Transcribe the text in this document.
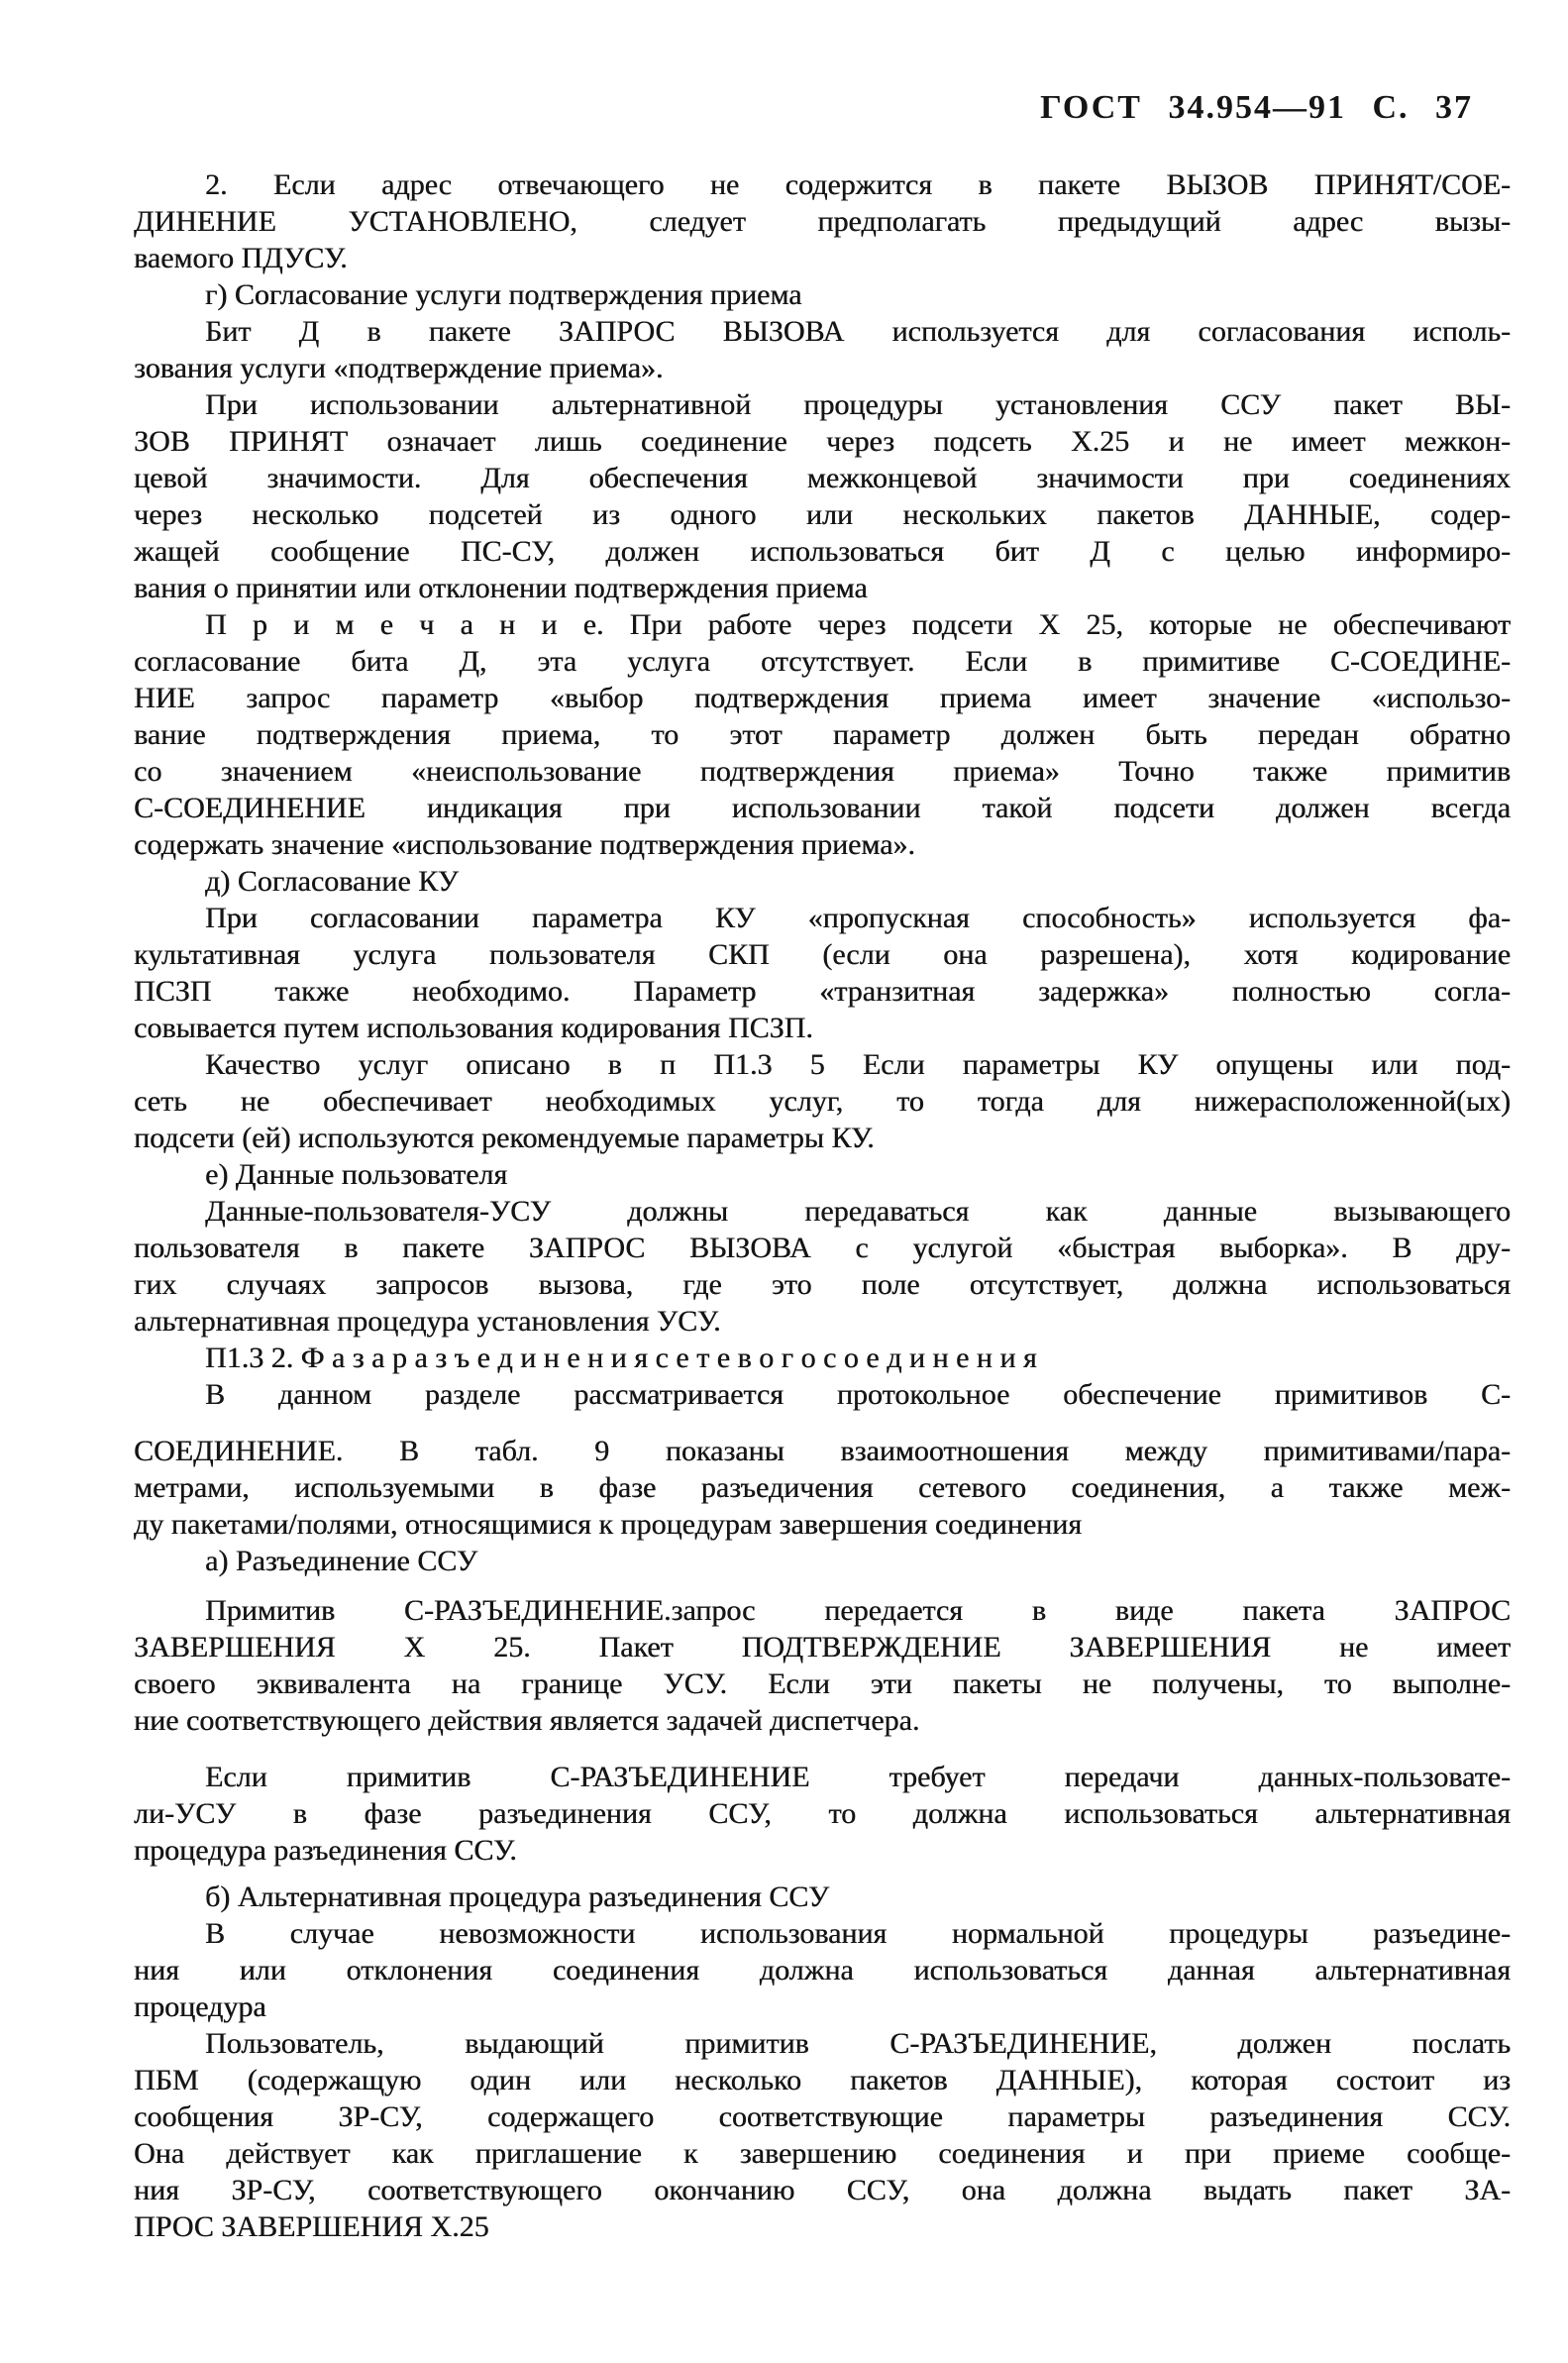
ГОСТ 34.954—91 С. 37
2. Если адрес отвечающего не содержится в пакете ВЫЗОВ ПРИНЯТ/СОЕ-
ДИНЕНИЕ УСТАНОВЛЕНО, следует предполагать предыдущий адрес вызы-
ваемого ПДУСУ.
г) Согласование услуги подтверждения приема
Бит Д в пакете ЗАПРОС ВЫЗОВА используется для согласования исполь-
зования услуги «подтверждение приема».
При использовании альтернативной процедуры установления ССУ пакет ВЫ-
ЗОВ ПРИНЯТ означает лишь соединение через подсеть Х.25 и не имеет межкон-
цевой значимости. Для обеспечения межконцевой значимости при соединениях
через несколько подсетей из одного или нескольких пакетов ДАННЫЕ, содер-
жащей сообщение ПС-СУ, должен использоваться бит Д с целью информиро-
вания о принятии или отклонении подтверждения приема
П р и м е ч а н и е. При работе через подсети Х 25, которые не обеспечивают
согласование бита Д, эта услуга отсутствует. Если в примитиве С-СОЕДИНЕ-
НИЕ запрос параметр «выбор подтверждения приема имеет значение «использо-
вание подтверждения приема, то этот параметр должен быть передан обратно
со значением «неиспользование подтверждения приема» Точно также примитив
С-СОЕДИНЕНИЕ индикация при использовании такой подсети должен всегда
содержать значение «использование подтверждения приема».
д) Согласование КУ
При согласовании параметра КУ «пропускная способность» используется фа-
культативная услуга пользователя СКП (если она разрешена), хотя кодирование
ПСЗП также необходимо. Параметр «транзитная задержка» полностью согла-
совывается путем использования кодирования ПСЗП.
Качество услуг описано в п П1.3 5 Если параметры КУ опущены или под-
сеть не обеспечивает необходимых услуг, то тогда для нижерасположенной(ых)
подсети (ей) используются рекомендуемые параметры КУ.
е) Данные пользователя
Данные-пользователя-УСУ должны передаваться как данные вызывающего
пользователя в пакете ЗАПРОС ВЫЗОВА с услугой «быстрая выборка». В дру-
гих случаях запросов вызова, где это поле отсутствует, должна использоваться
альтернативная процедура установления УСУ.
П1.3 2. Ф а з а р а з ъ е д и н е н и я с е т е в о г о с о е д и н е н и я
В данном разделе рассматривается протокольное обеспечение примитивов С-
СОЕДИНЕНИЕ. В табл. 9 показаны взаимоотношения между примитивами/пара-
метрами, используемыми в фазе разъедичения сетевого соединения, а также меж-
ду пакетами/полями, относящимися к процедурам завершения соединения
а) Разъединение ССУ
Примитив С-РАЗЪЕДИНЕНИЕ.запрос передается в виде пакета ЗАПРОС
ЗАВЕРШЕНИЯ Х 25. Пакет ПОДТВЕРЖДЕНИЕ ЗАВЕРШЕНИЯ не имеет
своего эквивалента на границе УСУ. Если эти пакеты не получены, то выполне-
ние соответствующего действия является задачей диспетчера.
Если примитив С-РАЗЪЕДИНЕНИЕ требует передачи данных-пользовате-
ли-УСУ в фазе разъединения ССУ, то должна использоваться альтернативная
процедура разъединения ССУ.
б) Альтернативная процедура разъединения ССУ
В случае невозможности использования нормальной процедуры разъедине-
ния или отклонения соединения должна использоваться данная альтернативная
процедура
Пользователь, выдающий примитив С-РАЗЪЕДИНЕНИЕ, должен послать
ПБМ (содержащую один или несколько пакетов ДАННЫЕ), которая состоит из
сообщения ЗР-СУ, содержащего соответствующие параметры разъединения ССУ.
Она действует как приглашение к завершению соединения и при приеме сообще-
ния ЗР-СУ, соответствующего окончанию ССУ, она должна выдать пакет ЗА-
ПРОС ЗАВЕРШЕНИЯ Х.25
